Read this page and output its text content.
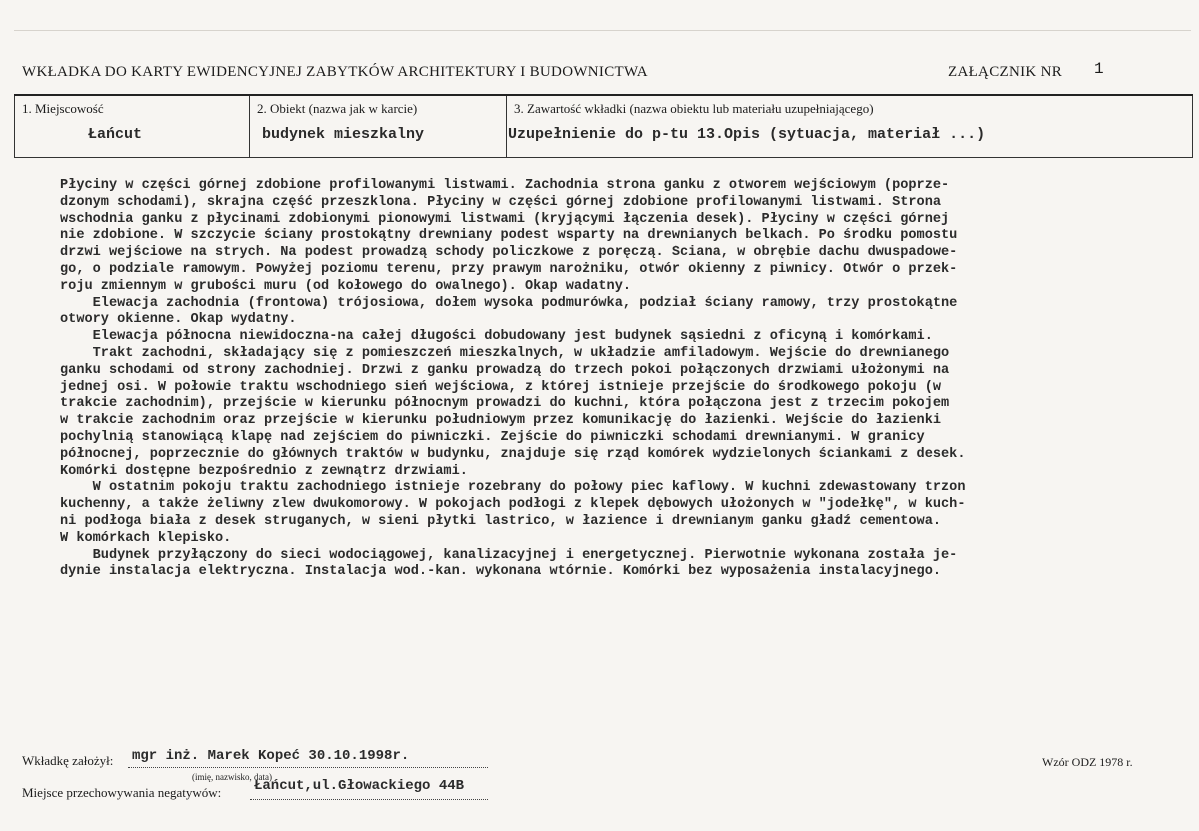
WKŁADKA DO KARTY EWIDENCYJNEJ ZABYTKÓW ARCHITEKTURY I BUDOWNICTWA	ZAŁĄCZNIK NR 1
1. Miejscowość
Łańcut
2. Obiekt (nazwa jak w karcie)
budynek mieszkalny
3. Zawartość wkładki (nazwa obiektu lub materiału uzupełniającego)
Uzupełnienie do p-tu 13.Opis (sytuacja, materiał ...)
Płyciny w części górnej zdobione profilowanymi listwami. Zachodnia strona ganku z otworem wejściowym (poprze-
dzonym schodami), skrajna część przeszklona. Płyciny w części górnej zdobione profilowanymi listwami. Strona
wschodnia ganku z płycinami zdobionymi pionowymi listwami (kryjącymi łączenia desek). Płyciny w części górnej
nie zdobione. W szczycie ściany prostokątny drewniany podest wsparty na drewnianych belkach. Po środku pomostu
drzwi wejściowe na strych. Na podest prowadzą schody policzkowe z poręczą. Ściana, w obrębie dachu dwuspadowe-
go, o podziale ramowym. Powyżej poziomu terenu, przy prawym narożniku, otwór okienny z piwnicy. Otwór o przek-
roju zmiennym w grubości muru (od kołowego do owalnego). Okap wadatny.
Elewacja zachodnia (frontowa) trójosiowa, dołem wysoka podmurówka, podział ściany ramowy, trzy prostokątne
otwory okienne. Okap wydatny.
Elewacja północna niewidoczna-na całej długości dobudowany jest budynek sąsiedni z oficyną i komórkami.
Trakt zachodni, składający się z pomieszczeń mieszkalnych, w układzie amfiladowym. Wejście do drewnianego
ganku schodami od strony zachodniej. Drzwi z ganku prowadzą do trzech pokoi połączonych drzwiami ułożonymi na
jednej osi. W połowie traktu wschodniego sień wejściowa, z której istnieje przejście do środkowego pokoju (w
trakcie zachodnim), przejście w kierunku północnym prowadzi do kuchni, która połączona jest z trzecim pokojem
w trakcie zachodnim oraz przejście w kierunku południowym przez komunikację do łazienki. Wejście do łazienki
pochylnią stanowiącą klapę nad zejściem do piwniczki. Zejście do piwniczki schodami drewnianymi. W granicy
północnej, poprzecznie do głównych traktów w budynku, znajduje się rząd komórek wydzielonych ściankami z desek.
Komórki dostępne bezpośrednio z zewnątrz drzwiami.
W ostatnim pokoju traktu zachodniego istnieje rozebrany do połowy piec kaflowy. W kuchni zdewastowany trzon
kuchenny, a także żeliwny zlew dwukomorowy. W pokojach podłogi z klepek dębowych ułożonych w "jodełkę", w kuch-
ni podłoga biała z desek struganych, w sieni płytki lastrico, w łazience i drewnianym ganku gładź cementowa.
W komórkach klepisko.
Budynek przyłączony do sieci wodociągowej, kanalizacyjnej i energetycznej. Pierwotnie wykonana została je-
dynie instalacja elektryczna. Instalacja wod.-kan. wykonana wtórnie. Komórki bez wyposażenia instalacyjnego.
Wkładkę założył: mgr inż. Marek Kopeć 30.10.1998r.
(imię, nazwisko, data)
Miejsce przechowywania negatywów: Łańcut,ul.Głowackiego 44B
Wzór ODZ 1978 r.
